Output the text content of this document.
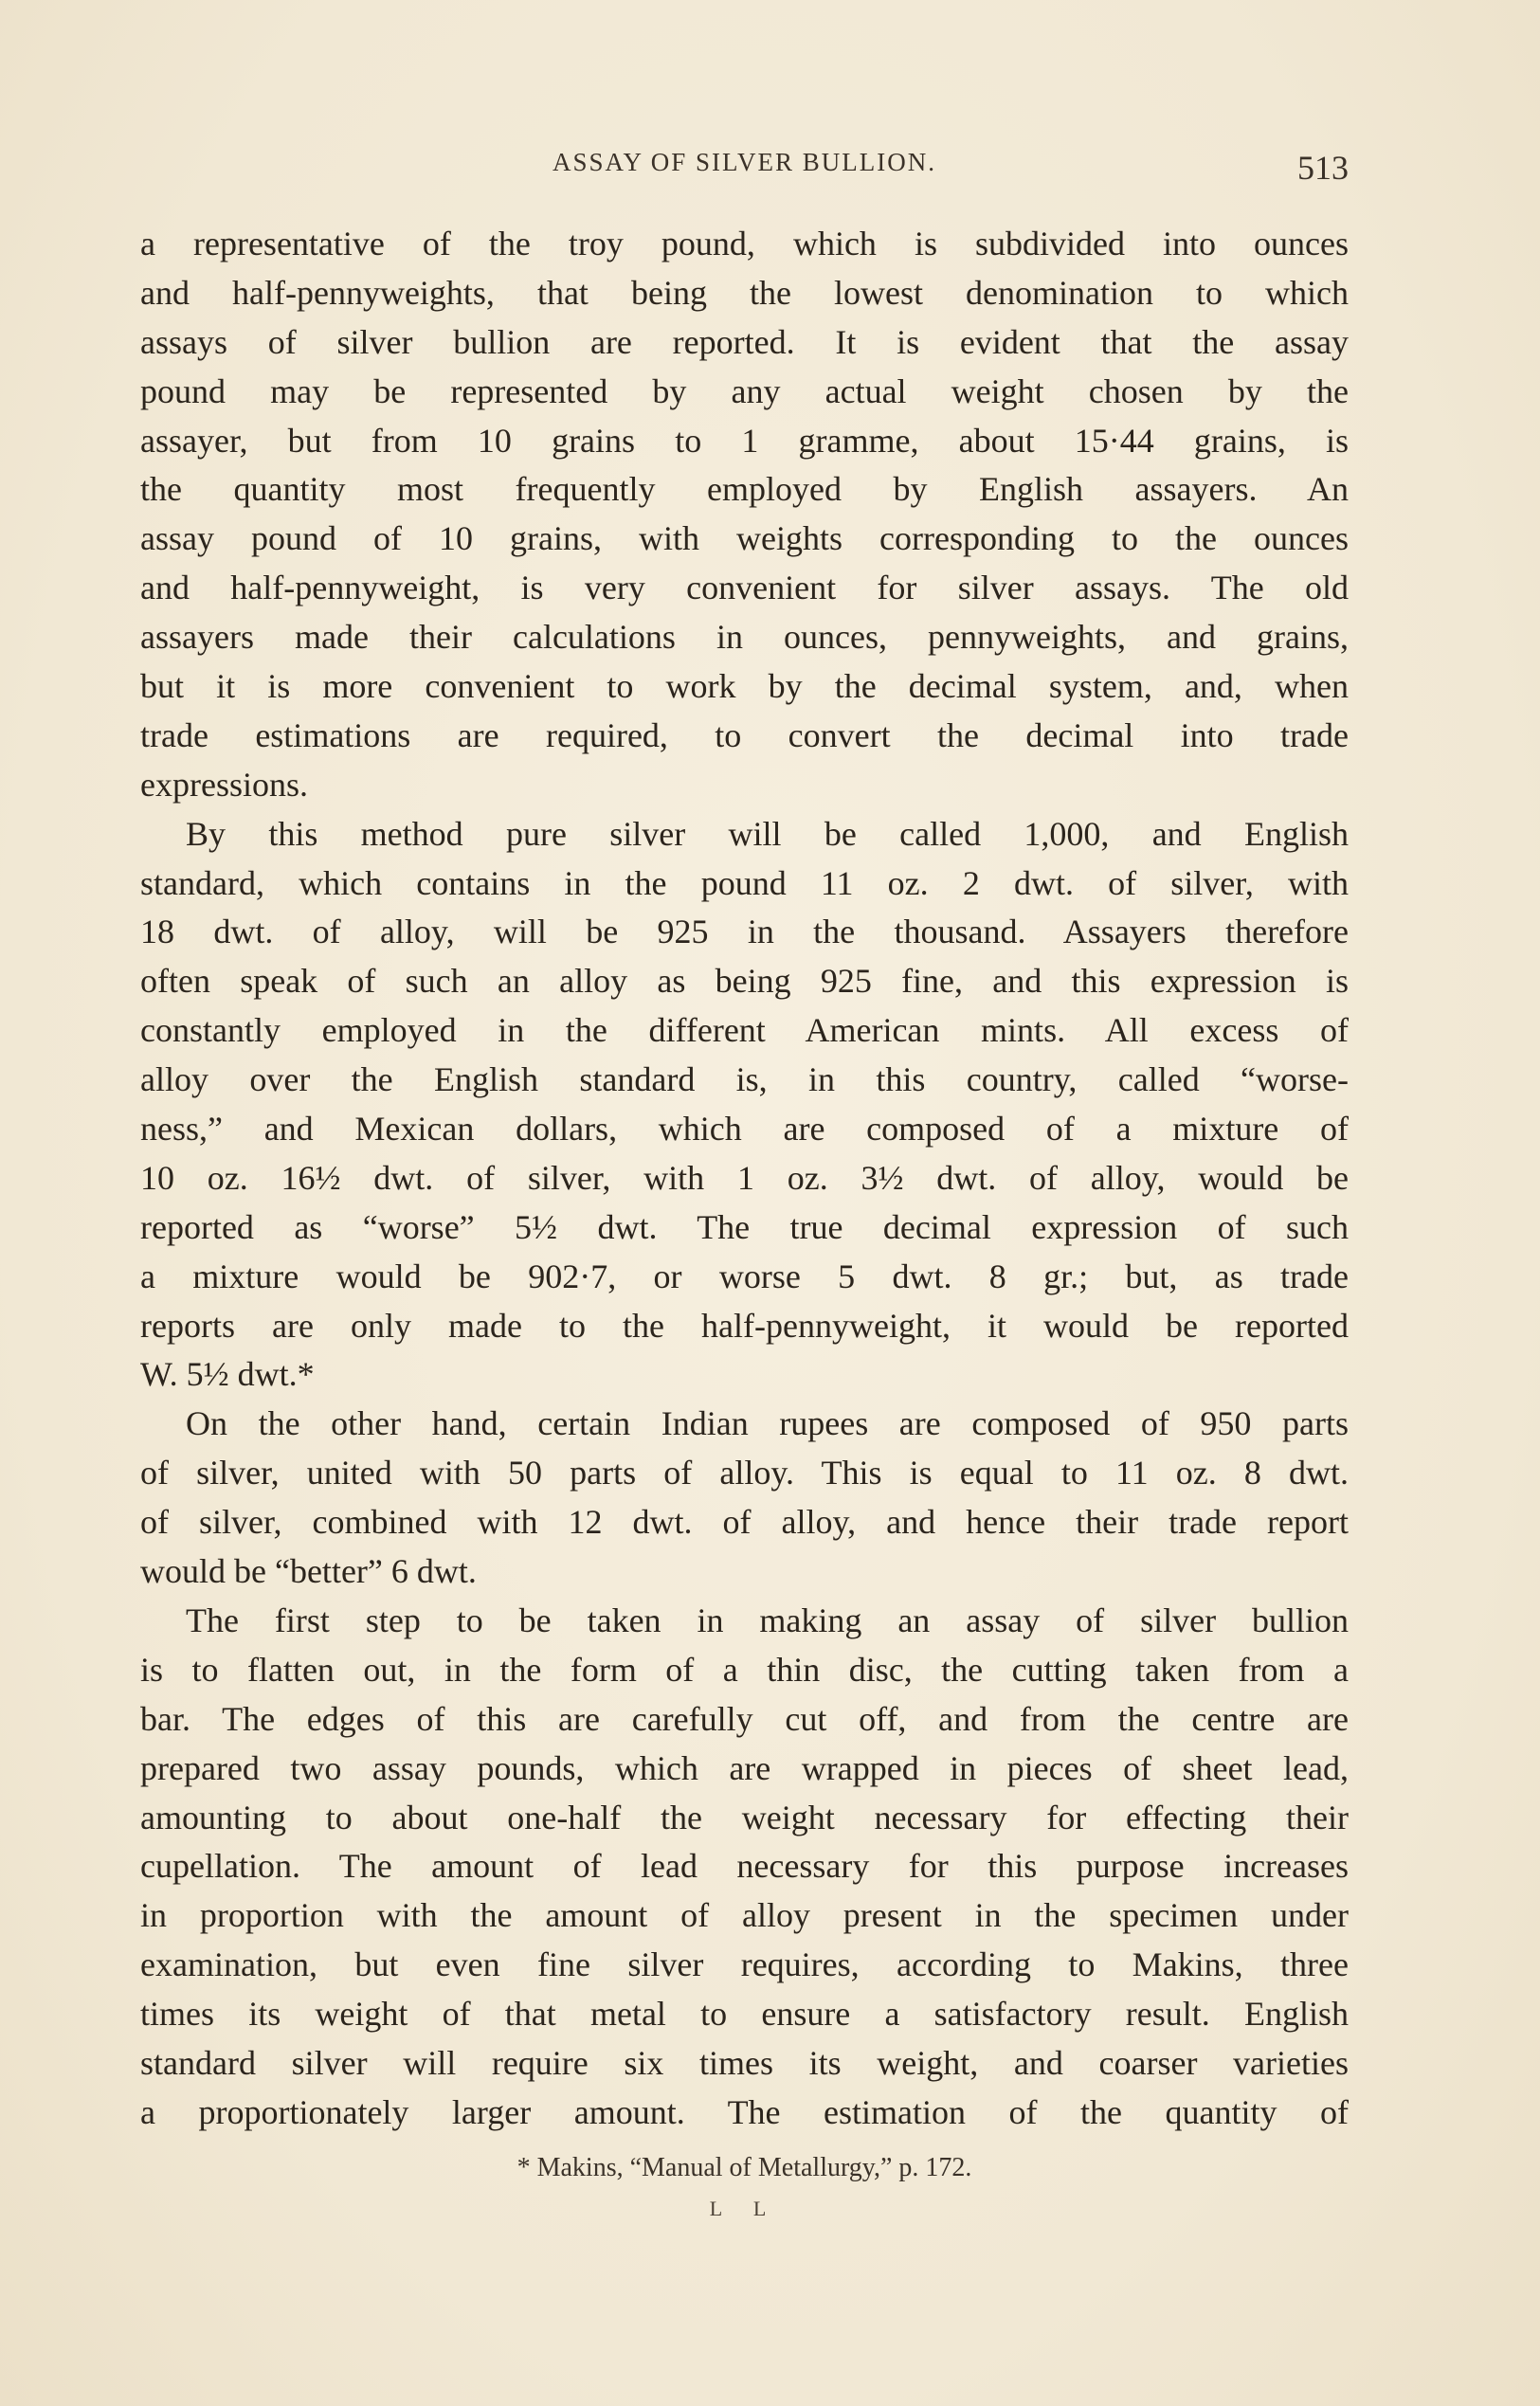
ASSAY OF SILVER BULLION.	513
a representative of the troy pound, which is subdivided into ounces
and half-pennyweights, that being the lowest denomination to which
assays of silver bullion are reported. It is evident that the assay
pound may be represented by any actual weight chosen by the
assayer, but from 10 grains to 1 gramme, about 15·44 grains, is
the quantity most frequently employed by English assayers. An
assay pound of 10 grains, with weights corresponding to the ounces
and half-pennyweight, is very convenient for silver assays. The old
assayers made their calculations in ounces, pennyweights, and grains,
but it is more convenient to work by the decimal system, and, when
trade estimations are required, to convert the decimal into trade
expressions.
By this method pure silver will be called 1,000, and English
standard, which contains in the pound 11 oz. 2 dwt. of silver, with
18 dwt. of alloy, will be 925 in the thousand. Assayers therefore
often speak of such an alloy as being 925 fine, and this expression is
constantly employed in the different American mints. All excess of
alloy over the English standard is, in this country, called “worse-
ness,” and Mexican dollars, which are composed of a mixture of
10 oz. 16½ dwt. of silver, with 1 oz. 3½ dwt. of alloy, would be
reported as “worse” 5½ dwt. The true decimal expression of such
a mixture would be 902·7, or worse 5 dwt. 8 gr.; but, as trade
reports are only made to the half-pennyweight, it would be reported
W. 5½ dwt.*
On the other hand, certain Indian rupees are composed of 950 parts
of silver, united with 50 parts of alloy. This is equal to 11 oz. 8 dwt.
of silver, combined with 12 dwt. of alloy, and hence their trade report
would be “better” 6 dwt.
The first step to be taken in making an assay of silver bullion
is to flatten out, in the form of a thin disc, the cutting taken from a
bar. The edges of this are carefully cut off, and from the centre are
prepared two assay pounds, which are wrapped in pieces of sheet lead,
amounting to about one-half the weight necessary for effecting their
cupellation. The amount of lead necessary for this purpose increases
in proportion with the amount of alloy present in the specimen under
examination, but even fine silver requires, according to Makins, three
times its weight of that metal to ensure a satisfactory result. English
standard silver will require six times its weight, and coarser varieties
a proportionately larger amount. The estimation of the quantity of
* Makins, “Manual of Metallurgy,” p. 172.
L L
